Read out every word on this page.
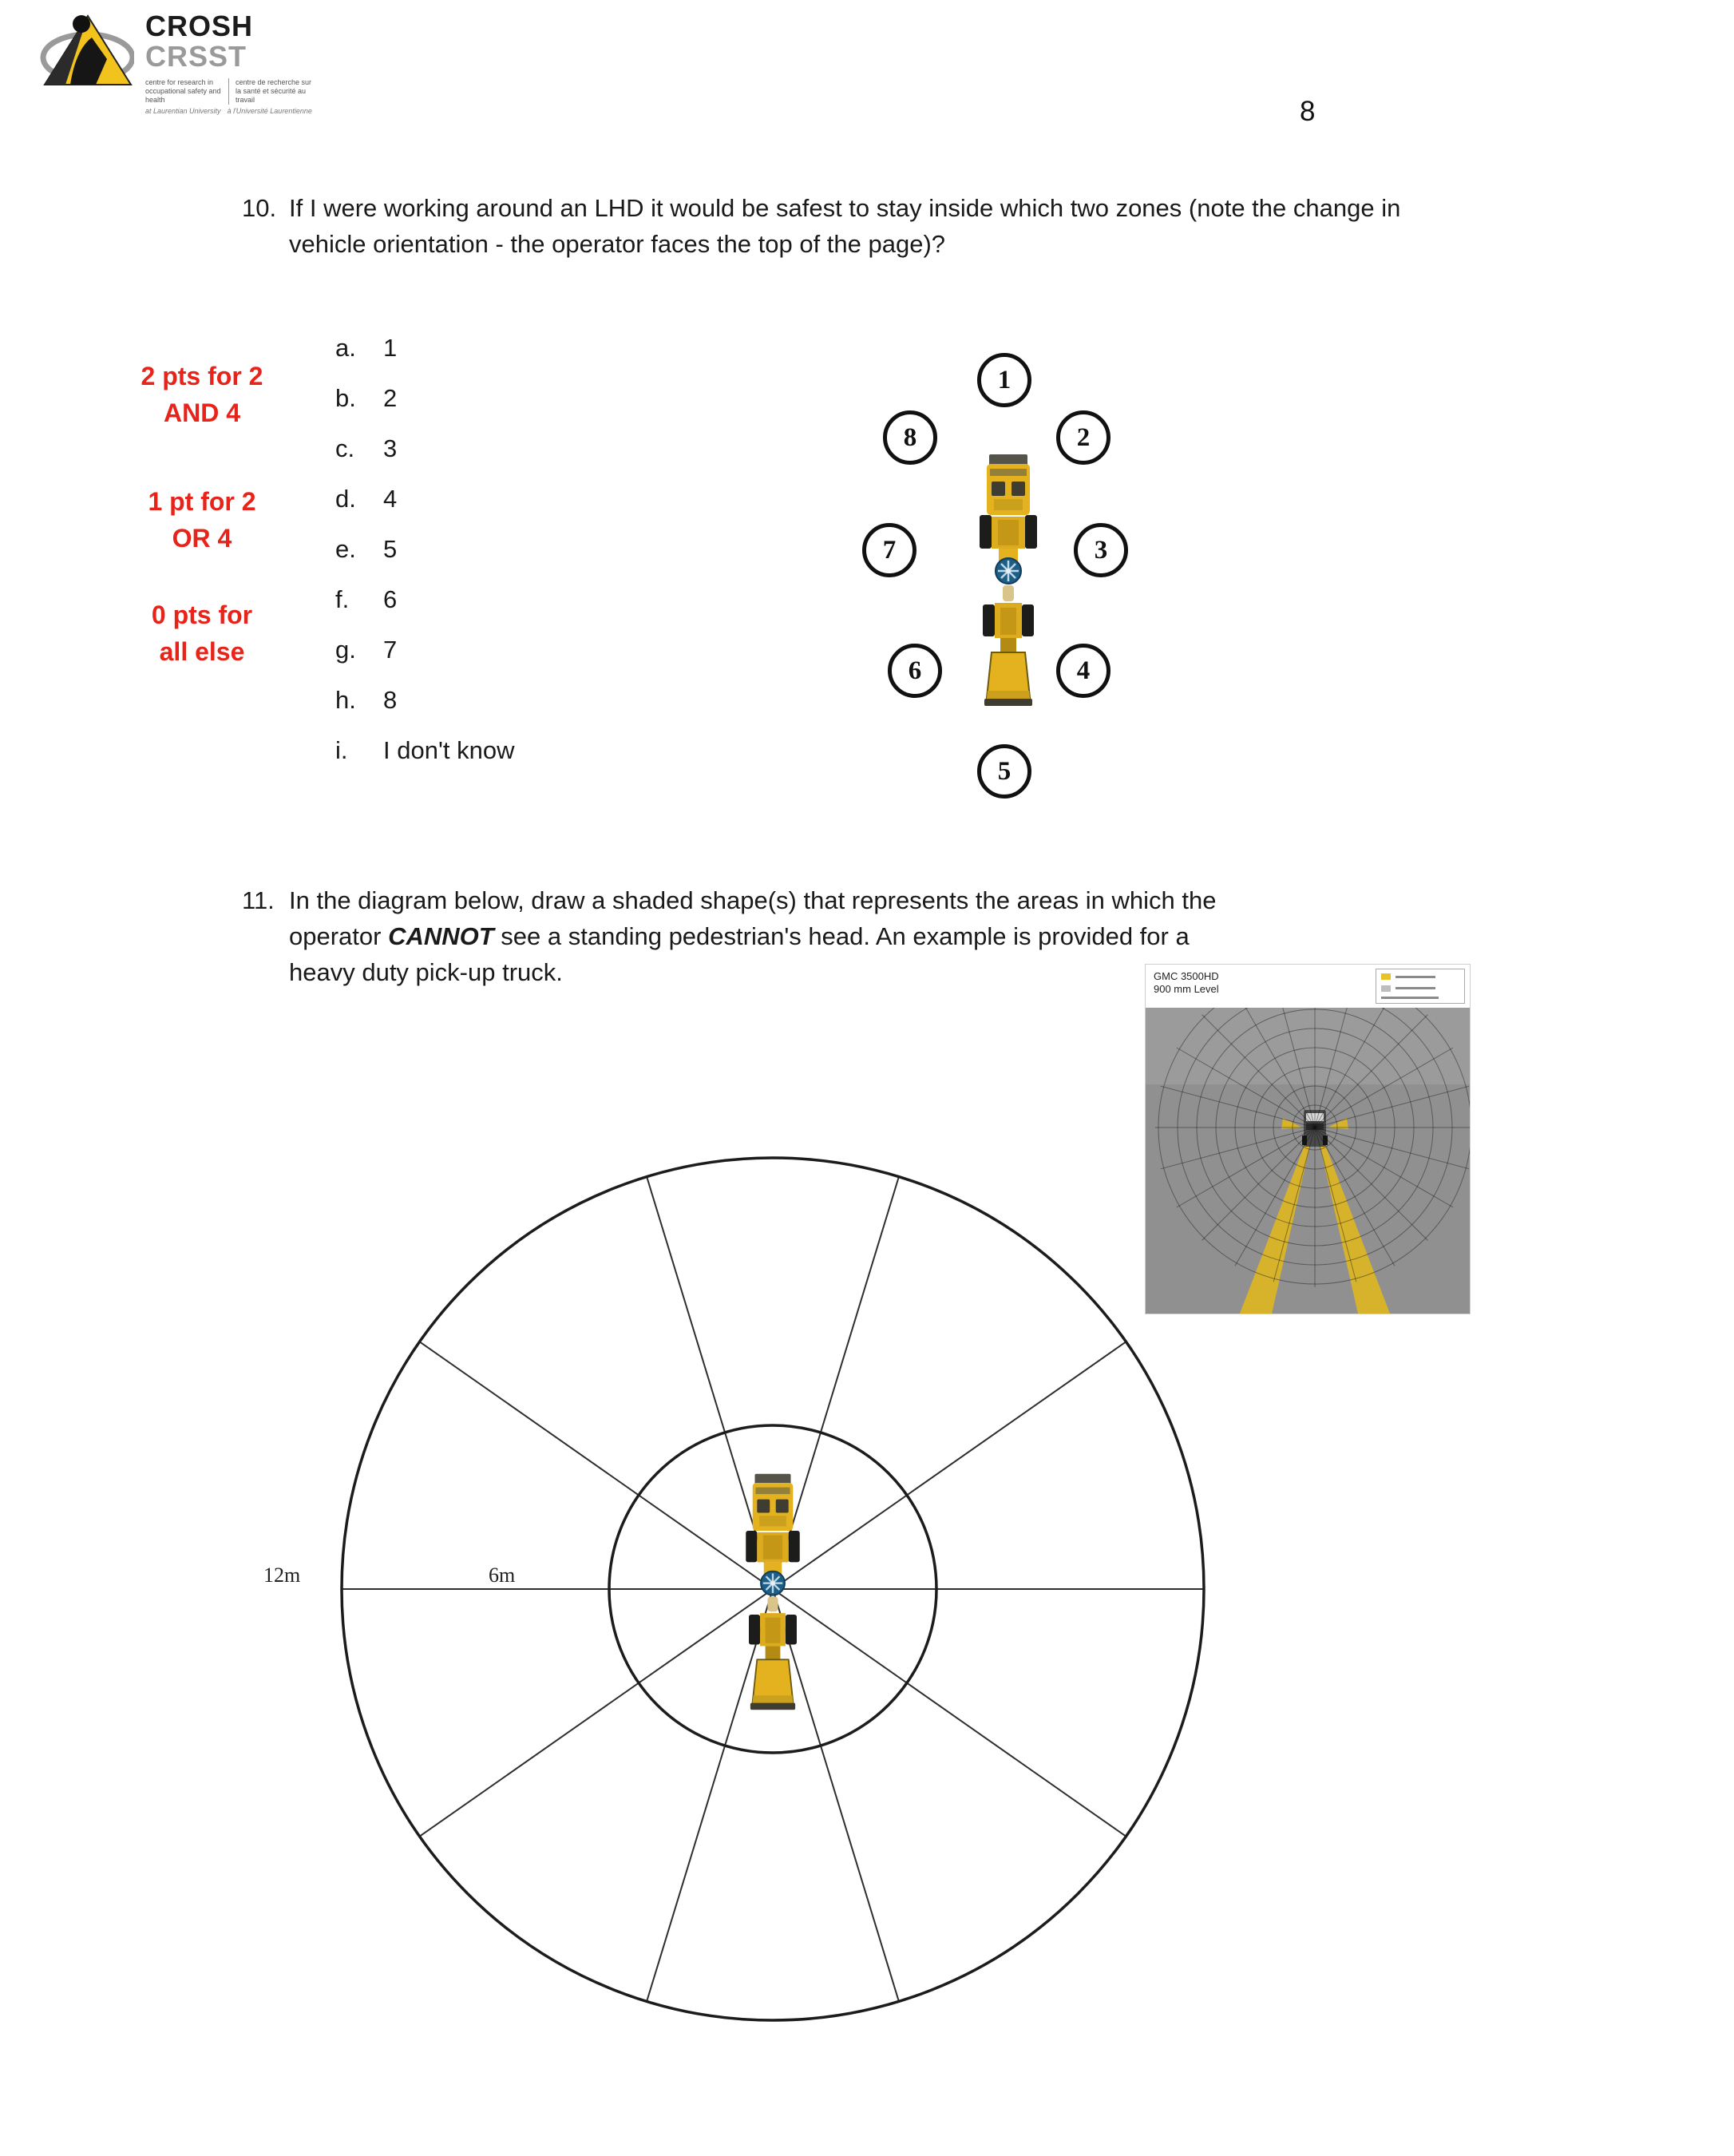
CROSH
CRSST
centre for research in occupational safety and health
centre de recherche sur la santé et sécurité au travail
at Laurentian University à l'Université Laurentienne	8
10. If I were working around an LHD it would be safest to stay inside which two zones (note the change in vehicle orientation - the operator faces the top of the page)?
2 pts for 2
AND 4
1 pt for 2
OR 4
0 pts for
all else
a.	1
b.	2
c.	3
d.	4
e.	5
f.	6
g.	7
h.	8
i.	I don't know
1
2
3
4
5
6
7
8
11. In the diagram below, draw a shaded shape(s) that represents the areas in which the operator CANNOT see a standing pedestrian's head. An example is provided for a heavy duty pick-up truck.	GMC 3500HD
900 mm Level
12m	6m
